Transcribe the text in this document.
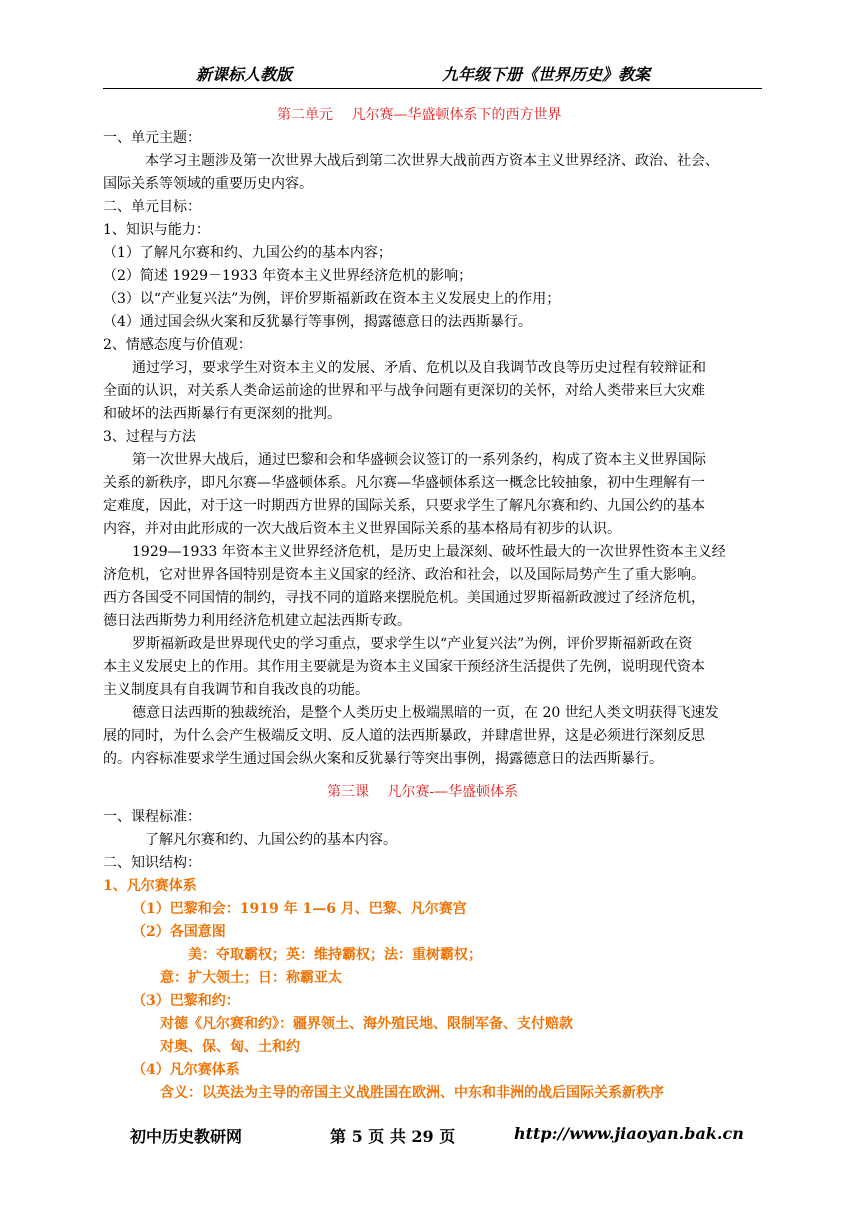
新课标人教版	九年级下册《世界历史》教案
第二单元　 凡尔赛—华盛顿体系下的西方世界
一、单元主题：
本学习主题涉及第一次世界大战后到第二次世界大战前西方资本主义世界经济、政治、社会、
国际关系等领域的重要历史内容。
二、单元目标：
1、知识与能力：
（1）了解凡尔赛和约、九国公约的基本内容；
（2）简述 1929－1933 年资本主义世界经济危机的影响；
（3）以“产业复兴法”为例，评价罗斯福新政在资本主义发展史上的作用；
（4）通过国会纵火案和反犹暴行等事例，揭露德意日的法西斯暴行。
2、情感态度与价值观：
通过学习，要求学生对资本主义的发展、矛盾、危机以及自我调节改良等历史过程有较辩证和
全面的认识，对关系人类命运前途的世界和平与战争问题有更深切的关怀，对给人类带来巨大灾难
和破坏的法西斯暴行有更深刻的批判。
3、过程与方法
第一次世界大战后，通过巴黎和会和华盛顿会议签订的一系列条约，构成了资本主义世界国际
关系的新秩序，即凡尔赛—华盛顿体系。凡尔赛—华盛顿体系这一概念比较抽象，初中生理解有一
定难度，因此，对于这一时期西方世界的国际关系，只要求学生了解凡尔赛和约、九国公约的基本
内容，并对由此形成的一次大战后资本主义世界国际关系的基本格局有初步的认识。
1929—1933 年资本主义世界经济危机，是历史上最深刻、破坏性最大的一次世界性资本主义经
济危机，它对世界各国特别是资本主义国家的经济、政治和社会，以及国际局势产生了重大影响。
西方各国受不同国情的制约，寻找不同的道路来摆脱危机。美国通过罗斯福新政渡过了经济危机，
德日法西斯势力利用经济危机建立起法西斯专政。
罗斯福新政是世界现代史的学习重点，要求学生以“产业复兴法”为例，评价罗斯福新政在资
本主义发展史上的作用。其作用主要就是为资本主义国家干预经济生活提供了先例，说明现代资本
主义制度具有自我调节和自我改良的功能。
德意日法西斯的独裁统治，是整个人类历史上极端黑暗的一页，在 20 世纪人类文明获得飞速发
展的同时，为什么会产生极端反文明、反人道的法西斯暴政，并肆虐世界，这是必须进行深刻反思
的。内容标准要求学生通过国会纵火案和反犹暴行等突出事例，揭露德意日的法西斯暴行。
第三课　 凡尔赛-—华盛顿体系
一、课程标准：
了解凡尔赛和约、九国公约的基本内容。
二、知识结构：
1、凡尔赛体系
（1）巴黎和会：1919 年 1—6 月、巴黎、凡尔赛宫
（2）各国意图
美：夺取霸权；英：维持霸权；法：重树霸权；
意：扩大领土；日：称霸亚太
（3）巴黎和约：
对德《凡尔赛和约》：疆界领土、海外殖民地、限制军备、支付赔款
对奥、保、匈、土和约
（4）凡尔赛体系
含义：以英法为主导的帝国主义战胜国在欧洲、中东和非洲的战后国际关系新秩序
初中历史教研网	第 5 页 共 29 页	http://www.jiaoyan.bak.cn
